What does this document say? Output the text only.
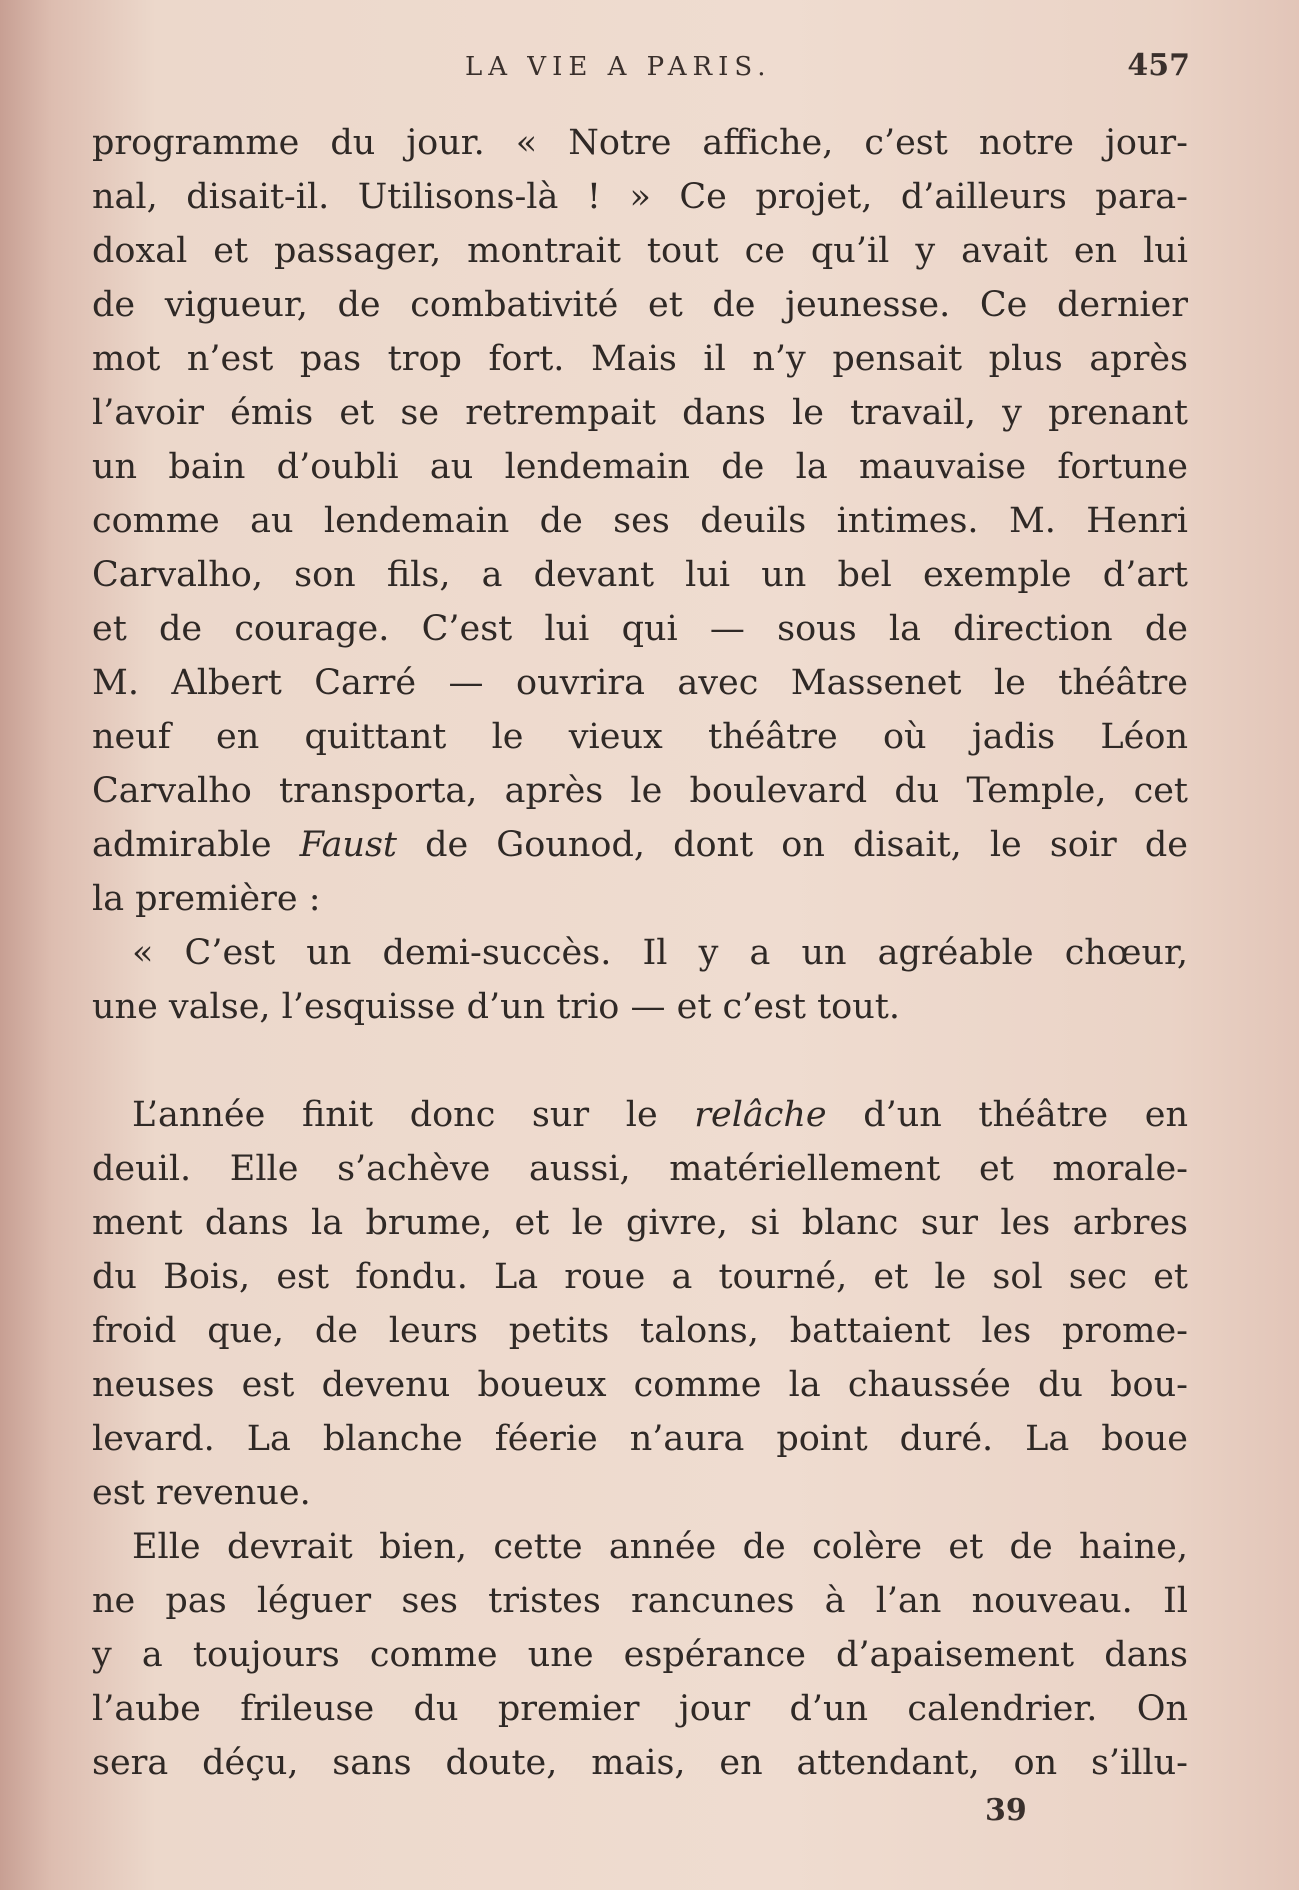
LA VIE A PARIS.	457
programme du jour. « Notre affiche, c’est notre jour-
nal, disait-il. Utilisons-là ! » Ce projet, d’ailleurs para-
doxal et passager, montrait tout ce qu’il y avait en lui
de vigueur, de combativité et de jeunesse. Ce dernier
mot n’est pas trop fort. Mais il n’y pensait plus après
l’avoir émis et se retrempait dans le travail, y prenant
un bain d’oubli au lendemain de la mauvaise fortune
comme au lendemain de ses deuils intimes. M. Henri
Carvalho, son fils, a devant lui un bel exemple d’art
et de courage. C’est lui qui — sous la direction de
M. Albert Carré — ouvrira avec Massenet le théâtre
neuf en quittant le vieux théâtre où jadis Léon
Carvalho transporta, après le boulevard du Temple, cet
admirable Faust de Gounod, dont on disait, le soir de
la première :
« C’est un demi-succès. Il y a un agréable chœur,
une valse, l’esquisse d’un trio — et c’est tout.
L’année finit donc sur le relâche d’un théâtre en
deuil. Elle s’achève aussi, matériellement et morale-
ment dans la brume, et le givre, si blanc sur les arbres
du Bois, est fondu. La roue a tourné, et le sol sec et
froid que, de leurs petits talons, battaient les prome-
neuses est devenu boueux comme la chaussée du bou-
levard. La blanche féerie n’aura point duré. La boue
est revenue.
Elle devrait bien, cette année de colère et de haine,
ne pas léguer ses tristes rancunes à l’an nouveau. Il
y a toujours comme une espérance d’apaisement dans
l’aube frileuse du premier jour d’un calendrier. On
sera déçu, sans doute, mais, en attendant, on s’illu-
39
